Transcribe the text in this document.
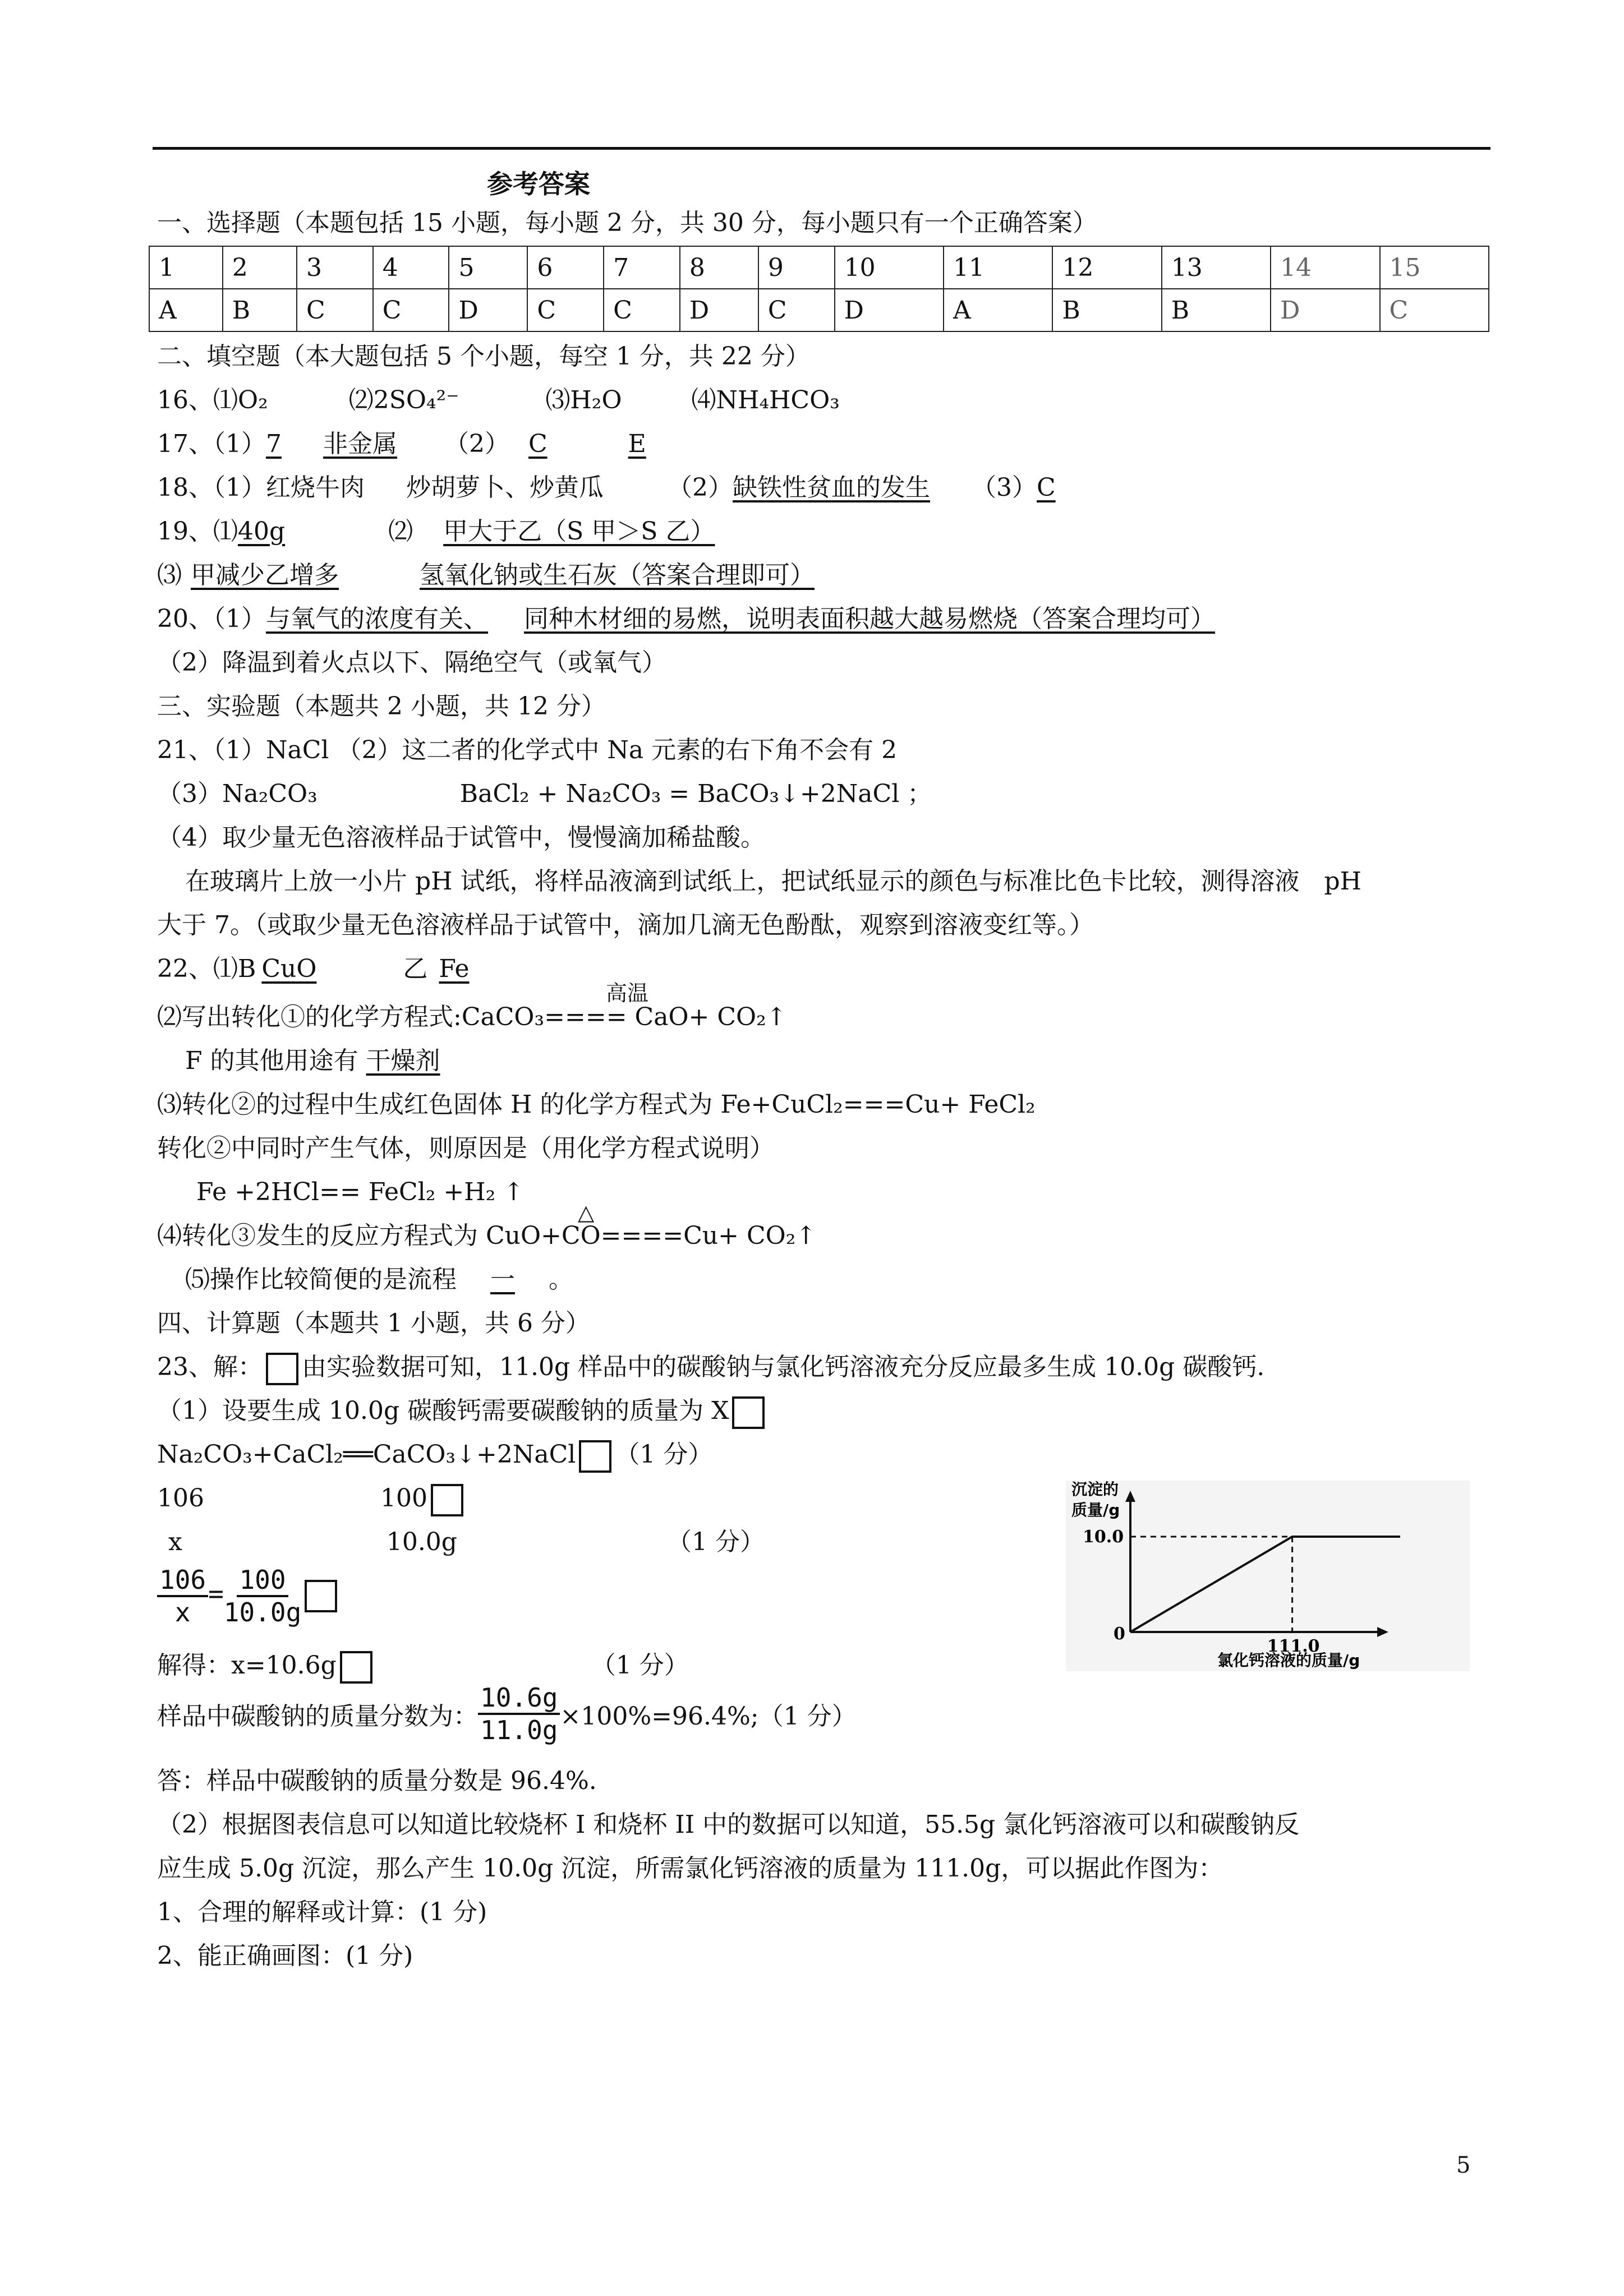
参考答案
一、选择题（本题包括 15 小题，每小题 2 分，共 30 分，每小题只有一个正确答案）
1	2	3	4	5	6	7	8	9	10	11	12	13	14	15
A	B	C	C	D	C	C	D	C	D	A	B	B	D	C
二、填空题（本大题包括 5 个小题，每空 1 分，共 22 分）
16、⑴O₂	⑵2SO₄²⁻	⑶H₂O	⑷NH₄HCO₃
17、（1）7 非金属 （2） C	E
18、（1）红烧牛肉 炒胡萝卜、炒黄瓜	（2）缺铁性贫血的发生 （3）C
19、⑴40g	⑵ 甲大于乙（S 甲＞S 乙）
⑶ 甲减少乙增多	氢氧化钠或生石灰（答案合理即可）
20、（1）与氧气的浓度有关、 同种木材细的易燃，说明表面积越大越易燃烧（答案合理均可）
（2）降温到着火点以下、隔绝空气（或氧气）
三、实验题（本题共 2 小题，共 12 分）
21、（1）NaCl （2）这二者的化学式中 Na 元素的右下角不会有 2
（3）Na₂CO₃	BaCl₂ + Na₂CO₃ = BaCO₃↓+2NaCl ；
（4）取少量无色溶液样品于试管中，慢慢滴加稀盐酸。
在玻璃片上放一小片 pH 试纸，将样品液滴到试纸上，把试纸显示的颜色与标准比色卡比较，测得溶液　pH
大于 7。（或取少量无色溶液样品于试管中，滴加几滴无色酚酞，观察到溶液变红等。）
22、⑴B CuO	乙 Fe
高温
⑵写出转化①的化学方程式:CaCO₃==== CaO+ CO₂↑
F 的其他用途有 干燥剂
⑶转化②的过程中生成红色固体 H 的化学方程式为 Fe+CuCl₂===Cu+ FeCl₂
转化②中同时产生气体，则原因是（用化学方程式说明）
Fe +2HCl== FeCl₂ +H₂ ↑
△
⑷转化③发生的反应方程式为 CuO+CO====Cu+ CO₂↑
⑸操作比较简便的是流程 一 。
四、计算题（本题共 1 小题，共 6 分）
23、解： 由实验数据可知，11.0g 样品中的碳酸钠与氯化钙溶液充分反应最多生成 10.0g 碳酸钙.
（1）设要生成 10.0g 碳酸钙需要碳酸钠的质量为 X
Na₂CO₃+CaCl₂══CaCO₃↓+2NaCl （1 分）
106	100
x	10.0g	（1 分）
$\frac{106}{x} = \frac{100}{10.0g}$
解得：x=10.6g	（1 分）
样品中碳酸钠的质量分数为： $\frac{10.6g}{11.0g}$ ×100%=96.4%;（1 分）
答：样品中碳酸钠的质量分数是 96.4%.
（2）根据图表信息可以知道比较烧杯 I 和烧杯 II 中的数据可以知道，55.5g 氯化钙溶液可以和碳酸钠反
应生成 5.0g 沉淀，那么产生 10.0g 沉淀，所需氯化钙溶液的质量为 111.0g，可以据此作图为：
1、合理的解释或计算：(1 分)
2、能正确画图：(1 分)
沉淀的
质量/g
10.0
0
111.0
氯化钙溶液的质量/g
5
